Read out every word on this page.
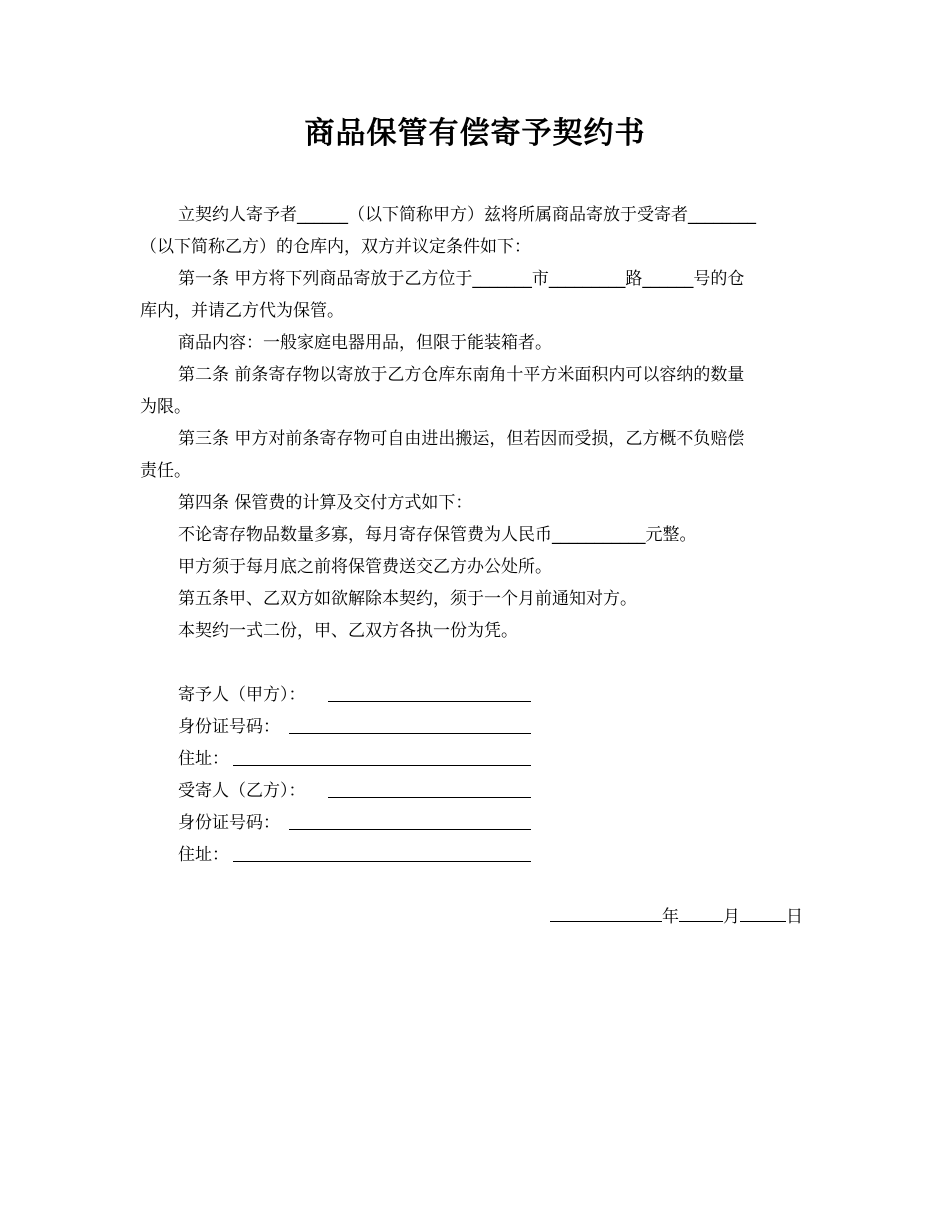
商品保管有偿寄予契约书
立契约人寄予者______（以下简称甲方）兹将所属商品寄放于受寄者________
（以下简称乙方）的仓库内，双方并议定条件如下：
第一条 甲方将下列商品寄放于乙方位于_______市_________路______号的仓
库内，并请乙方代为保管。
商品内容：一般家庭电器用品，但限于能装箱者。
第二条 前条寄存物以寄放于乙方仓库东南角十平方米面积内可以容纳的数量
为限。
第三条 甲方对前条寄存物可自由进出搬运，但若因而受损，乙方概不负赔偿
责任。
第四条 保管费的计算及交付方式如下：
不论寄存物品数量多寡，每月寄存保管费为人民币___________元整。
甲方须于每月底之前将保管费送交乙方办公处所。
第五条甲、乙双方如欲解除本契约，须于一个月前通知对方。
本契约一式二份，甲、乙双方各执一份为凭。
寄予人（甲方）：
身份证号码：
住址：
受寄人（乙方）：
身份证号码：
住址：
年	月	日
